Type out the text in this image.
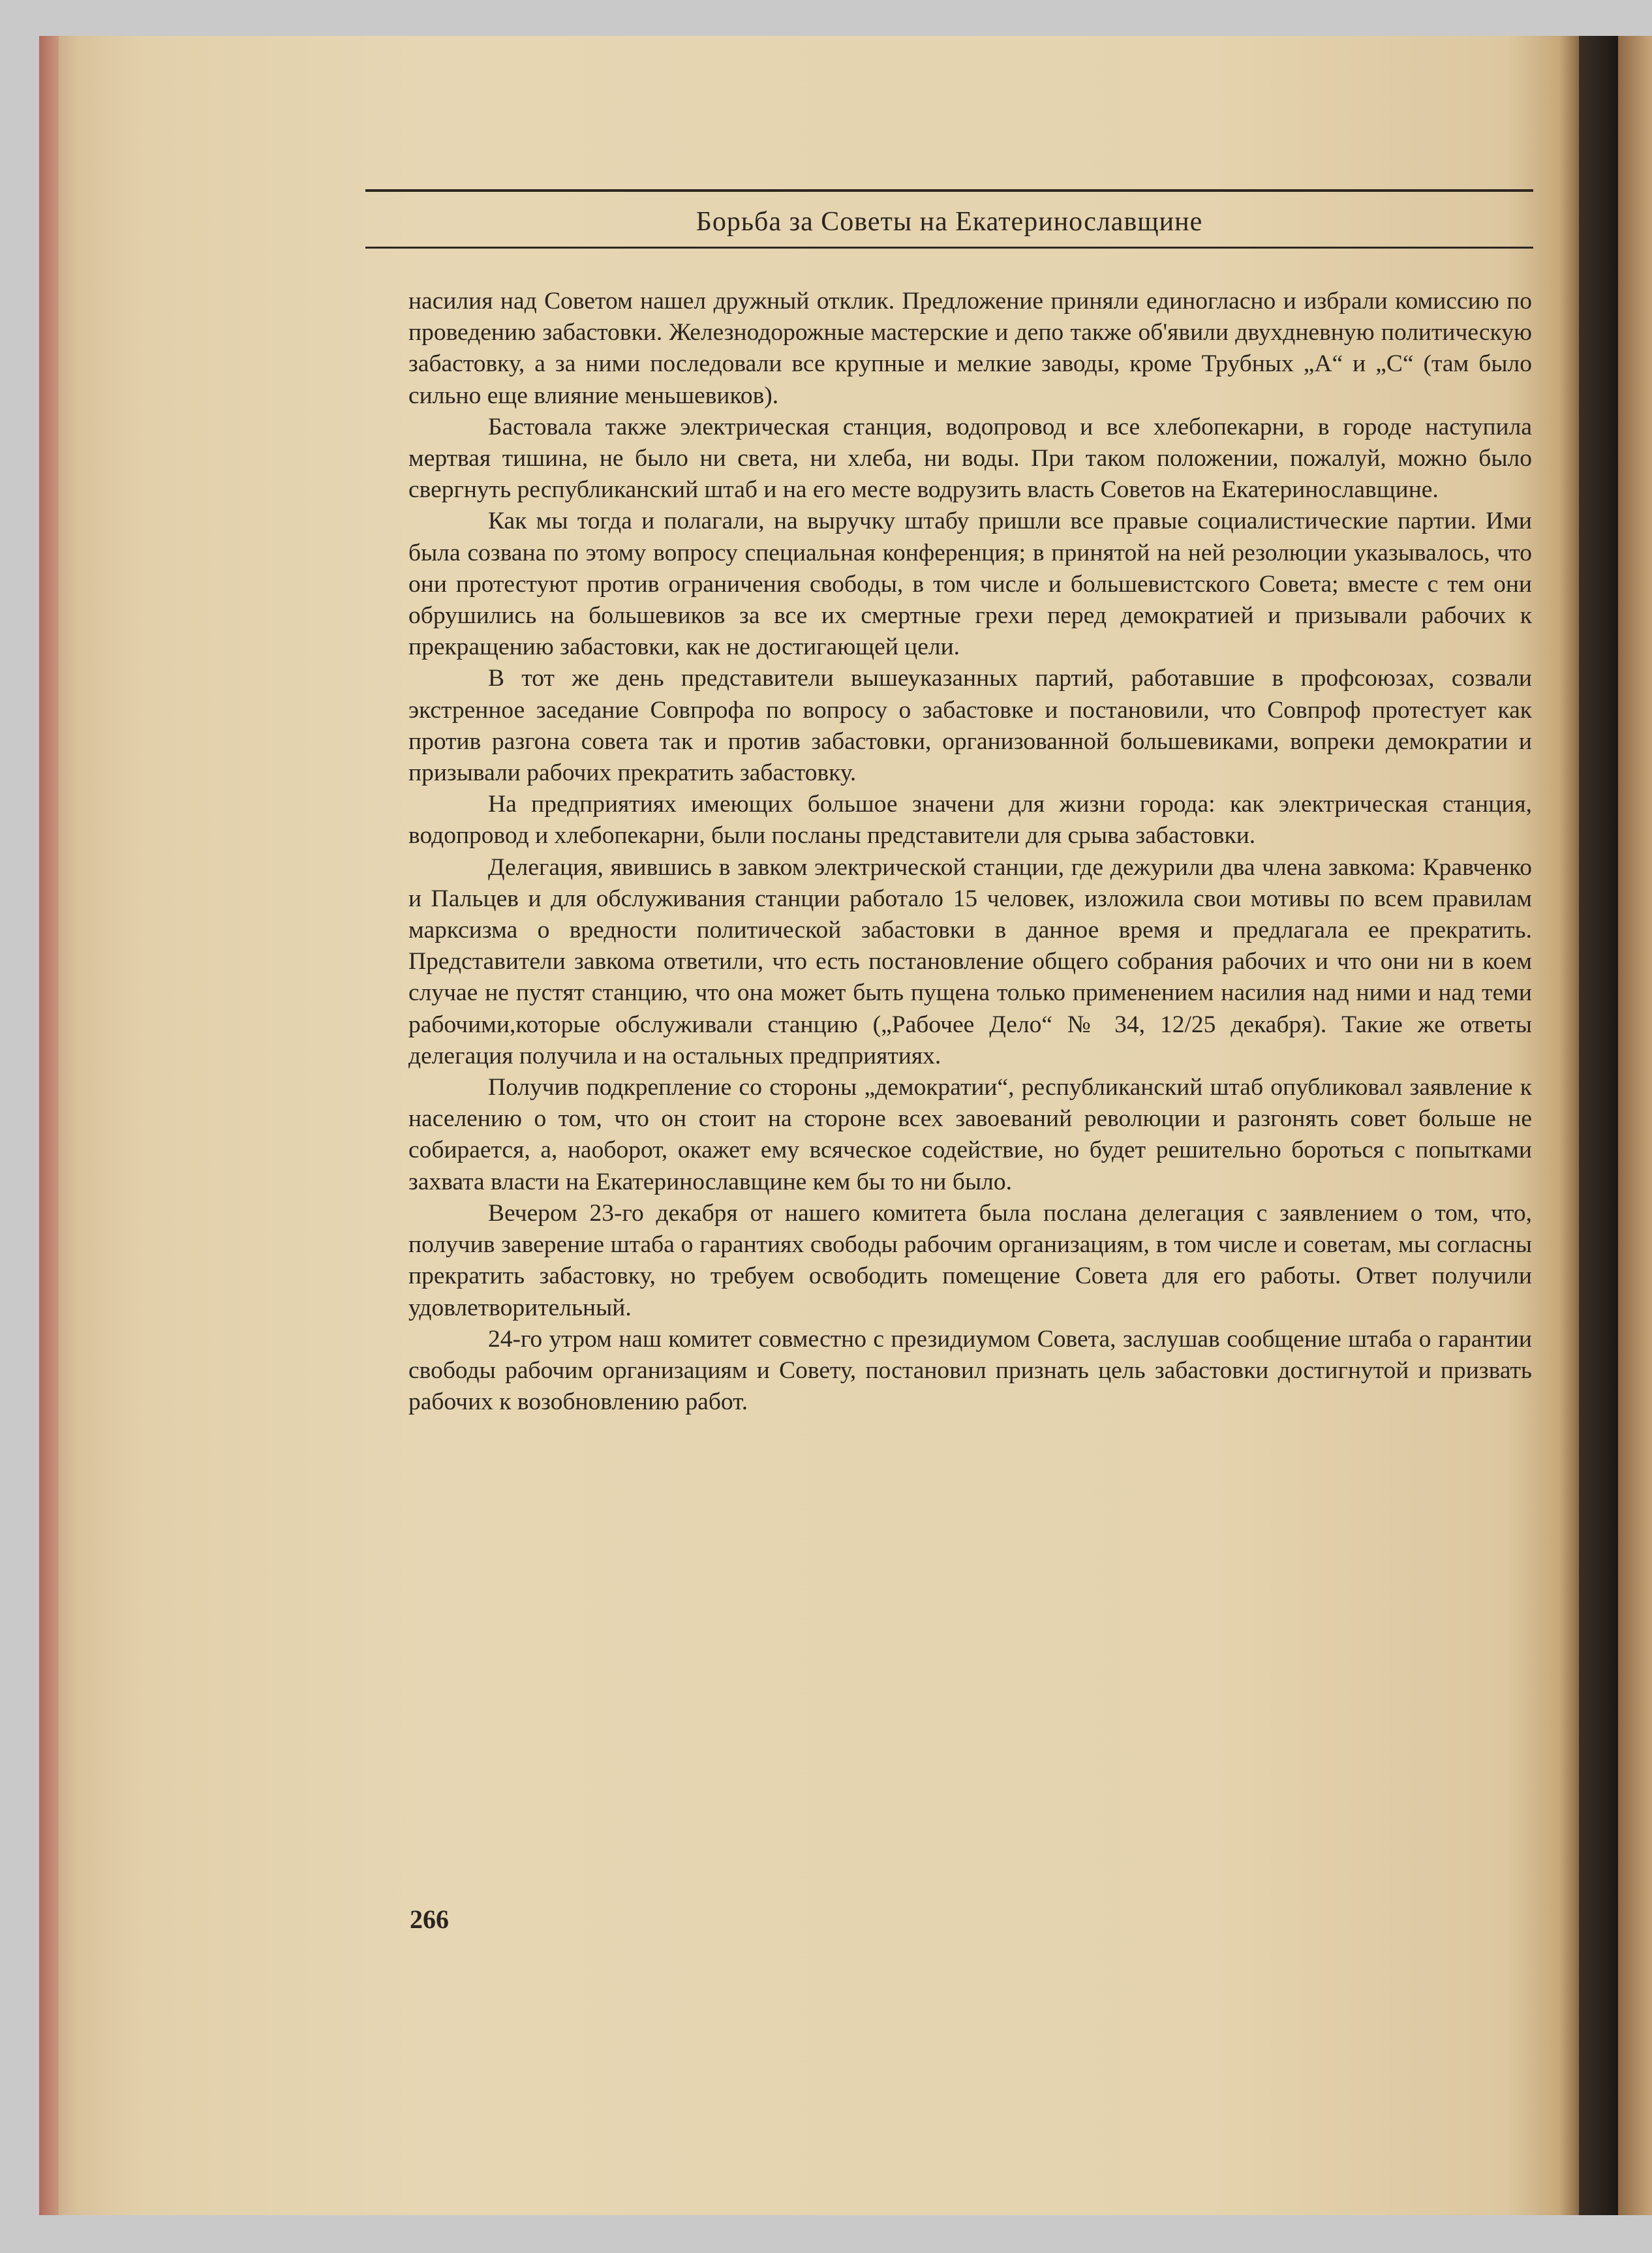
Борьба за Советы на Екатеринославщине

насилия над Советом нашел дружный отклик. Предложение приняли единогласно и избрали комиссию по проведению забастовки. Железнодорожные мастерские и депо также об'явили двухдневную политическую забастовку, а за ними последовали все крупные и мелкие заводы, кроме Трубных „А“ и „С“ (там было сильно еще влияние меньшевиков).

Бастовала также электрическая станция, водопровод и все хлебопекарни, в городе наступила мертвая тишина, не было ни света, ни хлеба, ни воды. При таком положении, пожалуй, можно было свергнуть республиканский штаб и на его месте водрузить власть Советов на Екатеринославщине.

Как мы тогда и полагали, на выручку штабу пришли все правые социалистические партии. Ими была созвана по этому вопросу специальная конференция; в принятой на ней резолюции указывалось, что они протестуют против ограничения свободы, в том числе и большевистского Совета; вместе с тем они обрушились на большевиков за все их смертные грехи перед демократией и призывали рабочих к прекращению забастовки, как не достигающей цели.

В тот же день представители вышеуказанных партий, работавшие в профсоюзах, созвали экстренное заседание Совпрофа по вопросу о забастовке и постановили, что Совпроф протестует как против разгона совета так и против забастовки, организованной большевиками, вопреки демократии и призывали рабочих прекратить забастовку.

На предприятиях имеющих большое значени для жизни города: как электрическая станция, водопровод и хлебопекарни, были посланы представители для срыва забастовки.

Делегация, явившись в завком электрической станции, где дежурили два члена завкома: Кравченко и Пальцев и для обслуживания станции работало 15 человек, изложила свои мотивы по всем правилам марксизма о вредности политической забастовки в данное время и предлагала ее прекратить. Представители завкома ответили, что есть постановление общего собрания рабочих и что они ни в коем случае не пустят станцию, что она может быть пущена только применением насилия над ними и над теми рабочими,которые обслуживали станцию („Рабочее Дело“ № 34, 12/25 декабря). Такие же ответы делегация получила и на остальных предприятиях.

Получив подкрепление со стороны „демократии“, республиканский штаб опубликовал заявление к населению о том, что он стоит на стороне всех завоеваний революции и разгонять совет больше не собирается, а, наоборот, окажет ему всяческое содействие, но будет решительно бороться с попытками захвата власти на Екатеринославщине кем бы то ни было.

Вечером 23-го декабря от нашего комитета была послана делегация с заявлением о том, что, получив заверение штаба о гарантиях свободы рабочим организациям, в том числе и советам, мы согласны прекратить забастовку, но требуем освободить помещение Совета для его работы. Ответ получили удовлетворительный.

24-го утром наш комитет совместно с президиумом Совета, заслушав сообщение штаба о гарантии свободы рабочим организациям и Совету, постановил признать цель забастовки достигнутой и призвать рабочих к возобновлению работ.

266
